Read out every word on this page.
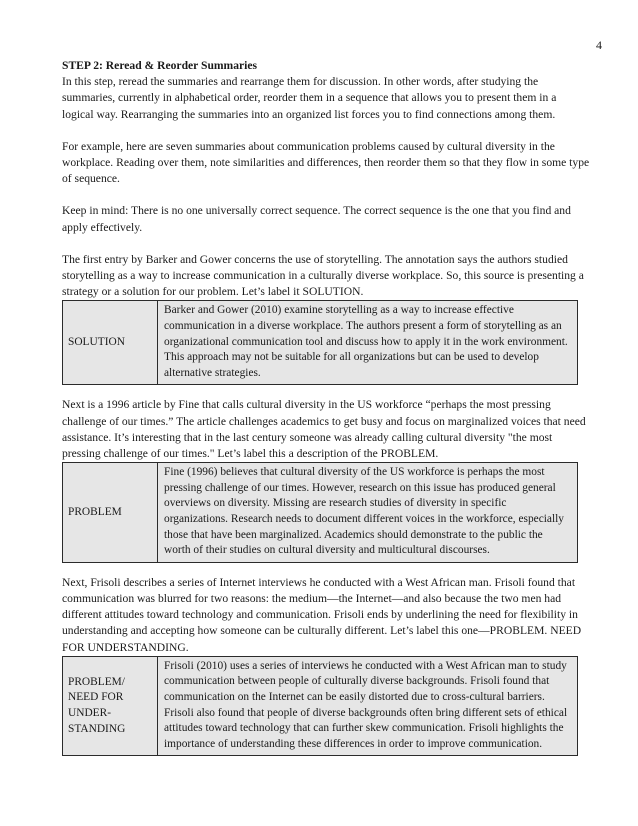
4

STEP 2: Reread & Reorder Summaries
In this step, reread the summaries and rearrange them for discussion. In other words, after studying the summaries, currently in alphabetical order, reorder them in a sequence that allows you to present them in a logical way. Rearranging the summaries into an organized list forces you to find connections among them.

For example, here are seven summaries about communication problems caused by cultural diversity in the workplace. Reading over them, note similarities and differences, then reorder them so that they flow in some type of sequence.

Keep in mind: There is no one universally correct sequence. The correct sequence is the one that you find and apply effectively.

The first entry by Barker and Gower concerns the use of storytelling. The annotation says the authors studied storytelling as a way to increase communication in a culturally diverse workplace. So, this source is presenting a strategy or a solution for our problem. Let’s label it SOLUTION.

SOLUTION	Barker and Gower (2010) examine storytelling as a way to increase effective communication in a diverse workplace. The authors present a form of storytelling as an organizational communication tool and discuss how to apply it in the work environment. This approach may not be suitable for all organizations but can be used to develop alternative strategies.

Next is a 1996 article by Fine that calls cultural diversity in the US workforce “perhaps the most pressing challenge of our times.” The article challenges academics to get busy and focus on marginalized voices that need assistance. It’s interesting that in the last century someone was already calling cultural diversity "the most pressing challenge of our times." Let’s label this a description of the PROBLEM.

PROBLEM	Fine (1996) believes that cultural diversity of the US workforce is perhaps the most pressing challenge of our times. However, research on this issue has produced general overviews on diversity. Missing are research studies of diversity in specific organizations. Research needs to document different voices in the workforce, especially those that have been marginalized. Academics should demonstrate to the public the worth of their studies on cultural diversity and multicultural discourses.

Next, Frisoli describes a series of Internet interviews he conducted with a West African man. Frisoli found that communication was blurred for two reasons: the medium—the Internet—and also because the two men had different attitudes toward technology and communication. Frisoli ends by underlining the need for flexibility in understanding and accepting how someone can be culturally different. Let’s label this one—PROBLEM. NEED FOR UNDERSTANDING.

PROBLEM/ NEED FOR UNDER-STANDING	Frisoli (2010) uses a series of interviews he conducted with a West African man to study communication between people of culturally diverse backgrounds. Frisoli found that communication on the Internet can be easily distorted due to cross-cultural barriers. Frisoli also found that people of diverse backgrounds often bring different sets of ethical attitudes toward technology that can further skew communication. Frisoli highlights the importance of understanding these differences in order to improve communication.
